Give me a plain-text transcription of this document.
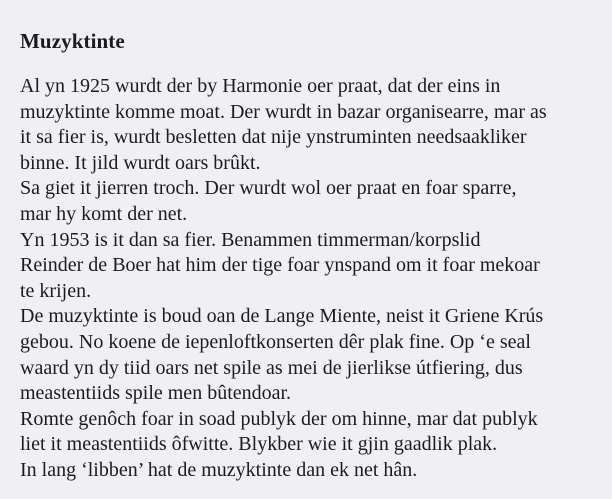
Muzyktinte
Al yn 1925 wurdt der by Harmonie oer praat, dat der eins in
muzyktinte komme moat. Der wurdt in bazar organisearre, mar as
it sa fier is, wurdt besletten dat nije ynstruminten needsaakliker
binne. It jild wurdt oars brûkt.
Sa giet it jierren troch. Der wurdt wol oer praat en foar sparre,
mar hy komt der net.
Yn 1953 is it dan sa fier. Benammen timmerman/korpslid
Reinder de Boer hat him der tige foar ynspand om it foar mekoar
te krijen.
De muzyktinte is boud oan de Lange Miente, neist it Griene Krús
gebou. No koene de iepenloftkonserten dêr plak fine. Op ‘e seal
waard yn dy tiid oars net spile as mei de jierlikse útfiering, dus
meastentiids spile men bûtendoar.
Romte genôch foar in soad publyk der om hinne, mar dat publyk
liet it meastentiids ôfwitte. Blykber wie it gjin gaadlik plak.
In lang ‘libben’ hat de muzyktinte dan ek net hân.
